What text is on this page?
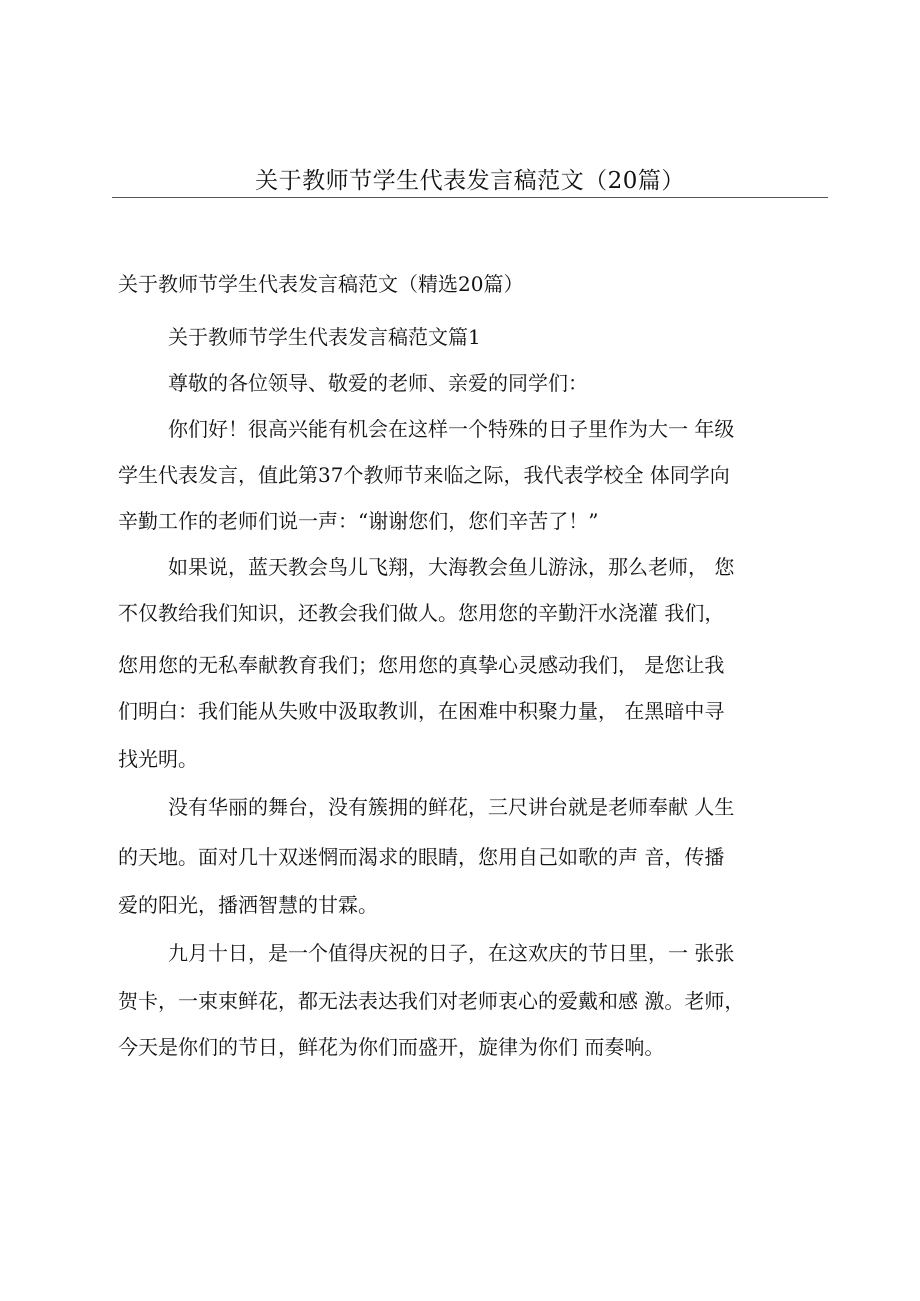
关于教师节学生代表发言稿范文（20篇）
关于教师节学生代表发言稿范文（精选20篇）
关于教师节学生代表发言稿范文篇1
尊敬的各位领导、敬爱的老师、亲爱的同学们：
你们好！很高兴能有机会在这样一个特殊的日子里作为大一 年级
学生代表发言，值此第37个教师节来临之际，我代表学校全 体同学向
辛勤工作的老师们说一声：“谢谢您们，您们辛苦了！”
如果说，蓝天教会鸟儿飞翔，大海教会鱼儿游泳，那么老师， 您
不仅教给我们知识，还教会我们做人。您用您的辛勤汗水浇灌 我们，
您用您的无私奉献教育我们；您用您的真挚心灵感动我们， 是您让我
们明白：我们能从失败中汲取教训，在困难中积聚力量， 在黑暗中寻
找光明。
没有华丽的舞台，没有簇拥的鲜花，三尺讲台就是老师奉献 人生
的天地。面对几十双迷惘而渴求的眼睛，您用自己如歌的声 音，传播
爱的阳光，播洒智慧的甘霖。
九月十日，是一个值得庆祝的日子，在这欢庆的节日里，一 张张
贺卡，一束束鲜花，都无法表达我们对老师衷心的爱戴和感 激。老师，
今天是你们的节日，鲜花为你们而盛开，旋律为你们 而奏响。
